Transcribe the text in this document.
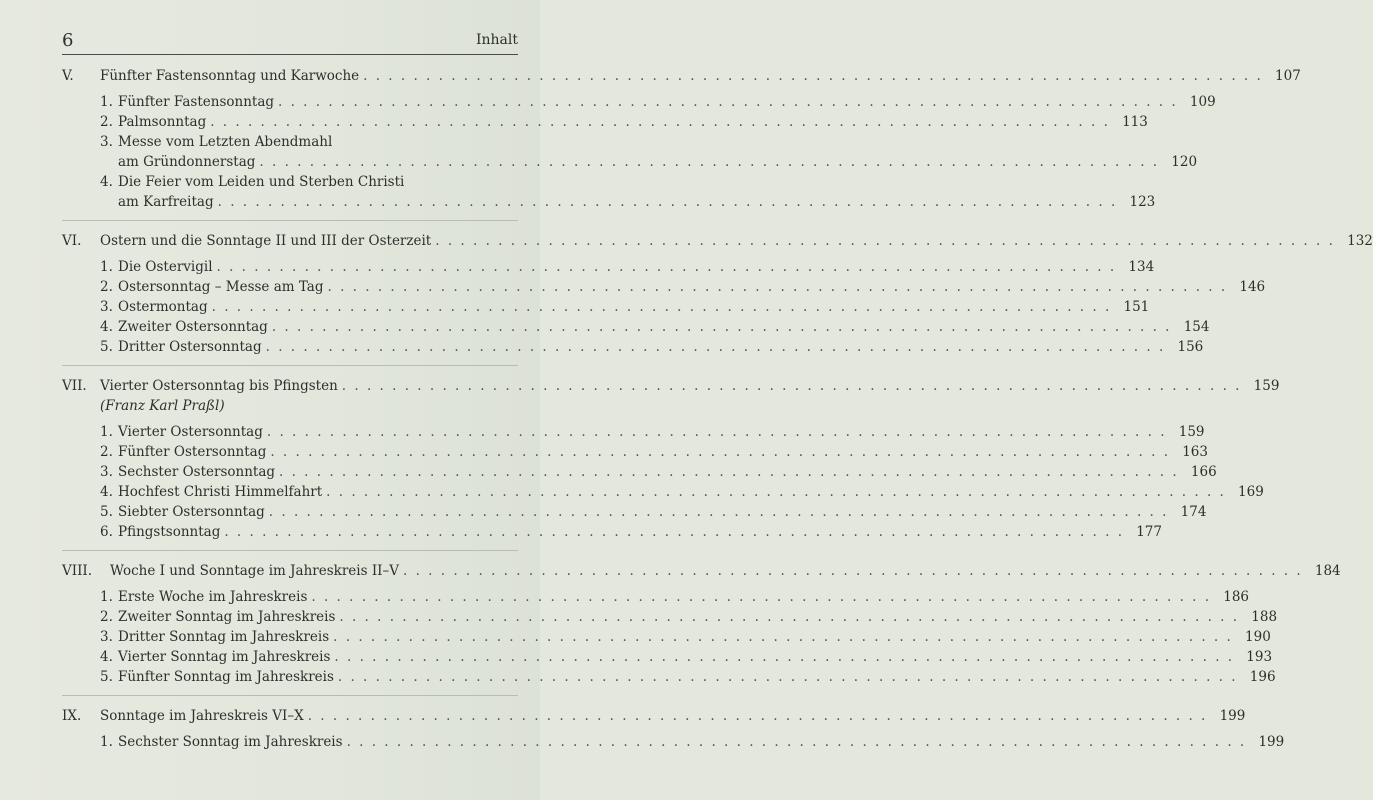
6	Inhalt
V.	Fünfter Fastensonntag und Karwoche . . .	107
1. Fünfter Fastensonntag . . .	109
2. Palmsonntag . . .	113
3. Messe vom Letzten Abendmahl
am Gründonnerstag . . .	120
4. Die Feier vom Leiden und Sterben Christi
am Karfreitag . . .	123
VI.	Ostern und die Sonntage II und III der Osterzeit . . .	132
1. Die Ostervigil . . .	134
2. Ostersonntag – Messe am Tag . . .	146
3. Ostermontag . . .	151
4. Zweiter Ostersonntag . . .	154
5. Dritter Ostersonntag . . .	156
VII. Vierter Ostersonntag bis Pfingsten . . .	159
(Franz Karl Praßl)
1. Vierter Ostersonntag . . .	159
2. Fünfter Ostersonntag . . .	163
3. Sechster Ostersonntag . . .	166
4. Hochfest Christi Himmelfahrt . . .	169
5. Siebter Ostersonntag . . .	174
6. Pfingstsonntag . . .	177
VIII.	Woche I und Sonntage im Jahreskreis II–V . . .	184
1. Erste Woche im Jahreskreis . . .	186
2. Zweiter Sonntag im Jahreskreis . . .	188
3. Dritter Sonntag im Jahreskreis . . .	190
4. Vierter Sonntag im Jahreskreis . . .	193
5. Fünfter Sonntag im Jahreskreis . . .	196
IX.	Sonntage im Jahreskreis VI–X . . .	199
1. Sechster Sonntag im Jahreskreis . . .	199
